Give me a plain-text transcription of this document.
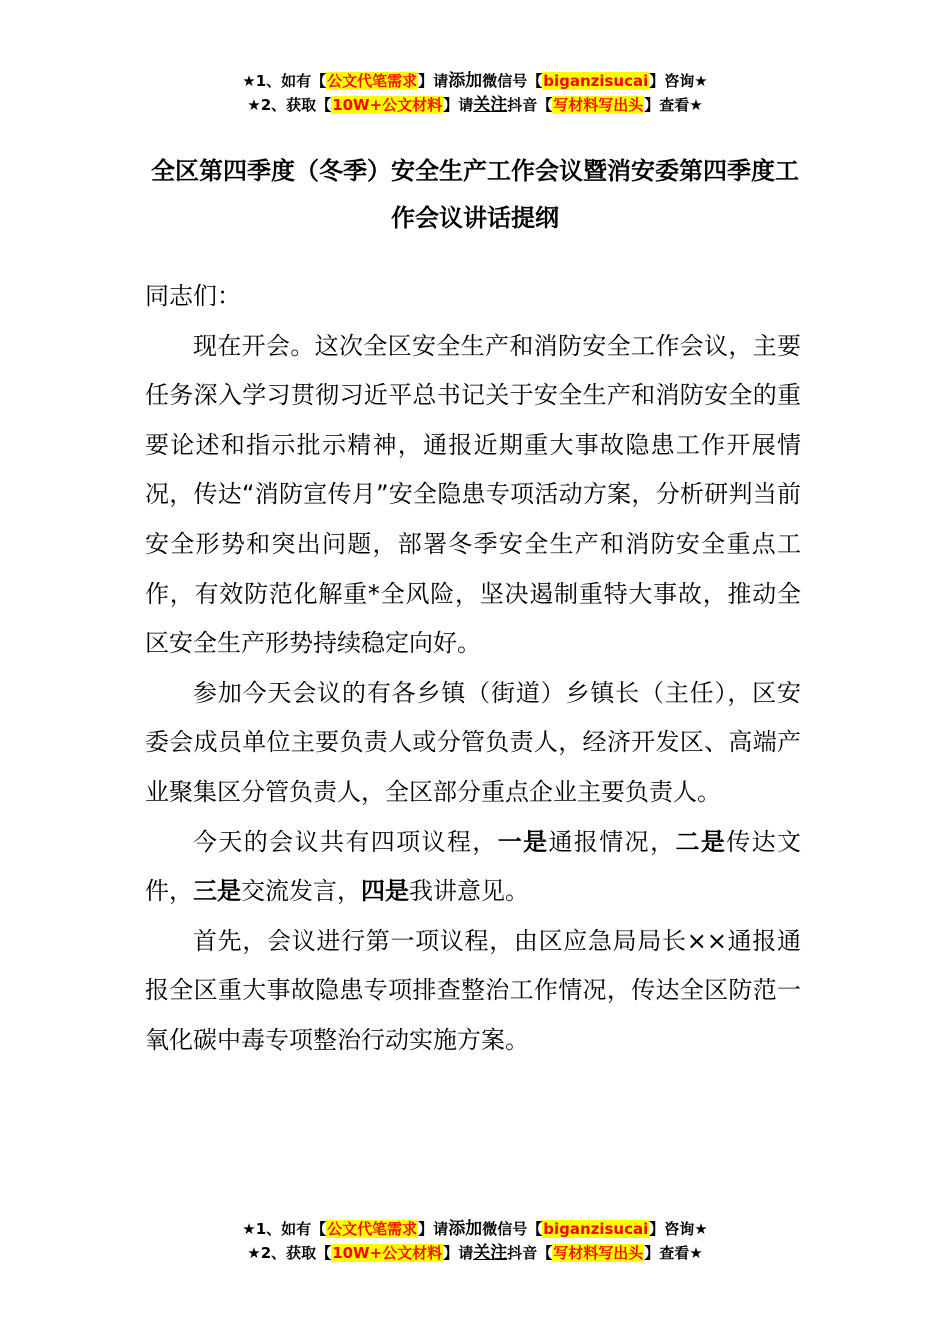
★1、如有【公文代笔需求】请添加微信号【biganzisucai】咨询★
★2、获取【10W+公文材料】请关注抖音【写材料写出头】查看★
全区第四季度（冬季）安全生产工作会议暨消安委第四季度工作会议讲话提纲

同志们：

现在开会。这次全区安全生产和消防安全工作会议，主要任务深入学习贯彻习近平总书记关于安全生产和消防安全的重要论述和指示批示精神，通报近期重大事故隐患工作开展情况，传达“消防宣传月”安全隐患专项活动方案，分析研判当前安全形势和突出问题，部署冬季安全生产和消防安全重点工作，有效防范化解重*全风险，坚决遏制重特大事故，推动全区安全生产形势持续稳定向好。

参加今天会议的有各乡镇（街道）乡镇长（主任），区安委会成员单位主要负责人或分管负责人，经济开发区、高端产业聚集区分管负责人，全区部分重点企业主要负责人。

今天的会议共有四项议程，一是通报情况，二是传达文件，三是交流发言，四是我讲意见。

首先，会议进行第一项议程，由区应急局局长××通报通报全区重大事故隐患专项排查整治工作情况，传达全区防范一氧化碳中毒专项整治行动实施方案。

★1、如有【公文代笔需求】请添加微信号【biganzisucai】咨询★
★2、获取【10W+公文材料】请关注抖音【写材料写出头】查看★
